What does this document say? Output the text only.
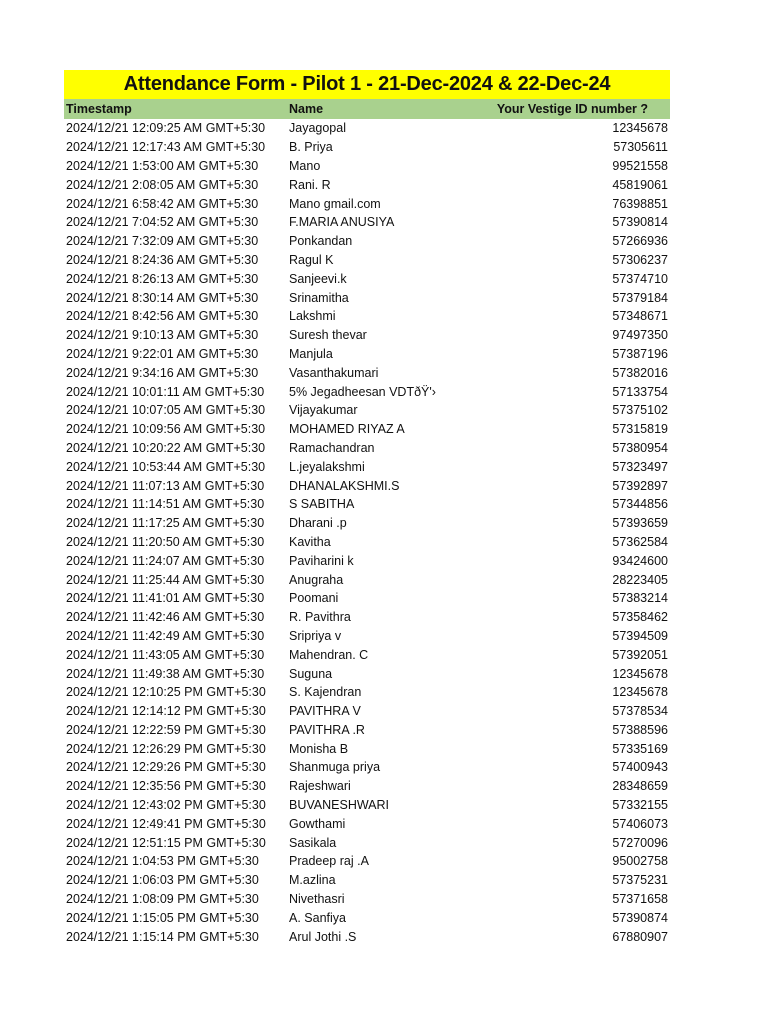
Attendance Form - Pilot 1 - 21-Dec-2024 & 22-Dec-24
Timestamp	Name	Your Vestige ID number ?
2024/12/21 12:09:25 AM GMT+5:30	Jayagopal	12345678
2024/12/21 12:17:43 AM GMT+5:30	B. Priya	57305611
2024/12/21 1:53:00 AM GMT+5:30	Mano	99521558
2024/12/21 2:08:05 AM GMT+5:30	Rani. R	45819061
2024/12/21 6:58:42 AM GMT+5:30	Mano gmail.com	76398851
2024/12/21 7:04:52 AM GMT+5:30	F.MARIA ANUSIYA	57390814
2024/12/21 7:32:09 AM GMT+5:30	Ponkandan	57266936
2024/12/21 8:24:36 AM GMT+5:30	Ragul K	57306237
2024/12/21 8:26:13 AM GMT+5:30	Sanjeevi.k	57374710
2024/12/21 8:30:14 AM GMT+5:30	Srinamitha	57379184
2024/12/21 8:42:56 AM GMT+5:30	Lakshmi	57348671
2024/12/21 9:10:13 AM GMT+5:30	Suresh thevar	97497350
2024/12/21 9:22:01 AM GMT+5:30	Manjula	57387196
2024/12/21 9:34:16 AM GMT+5:30	Vasanthakumari	57382016
2024/12/21 10:01:11 AM GMT+5:30	5% Jegadheesan VDTðŸ'›	57133754
2024/12/21 10:07:05 AM GMT+5:30	Vijayakumar	57375102
2024/12/21 10:09:56 AM GMT+5:30	MOHAMED RIYAZ A	57315819
2024/12/21 10:20:22 AM GMT+5:30	Ramachandran	57380954
2024/12/21 10:53:44 AM GMT+5:30	L.jeyalakshmi	57323497
2024/12/21 11:07:13 AM GMT+5:30	DHANALAKSHMI.S	57392897
2024/12/21 11:14:51 AM GMT+5:30	S SABITHA	57344856
2024/12/21 11:17:25 AM GMT+5:30	Dharani .p	57393659
2024/12/21 11:20:50 AM GMT+5:30	Kavitha	57362584
2024/12/21 11:24:07 AM GMT+5:30	Paviharini k	93424600
2024/12/21 11:25:44 AM GMT+5:30	Anugraha	28223405
2024/12/21 11:41:01 AM GMT+5:30	Poomani	57383214
2024/12/21 11:42:46 AM GMT+5:30	R. Pavithra	57358462
2024/12/21 11:42:49 AM GMT+5:30	Sripriya v	57394509
2024/12/21 11:43:05 AM GMT+5:30	Mahendran. C	57392051
2024/12/21 11:49:38 AM GMT+5:30	Suguna	12345678
2024/12/21 12:10:25 PM GMT+5:30	S. Kajendran	12345678
2024/12/21 12:14:12 PM GMT+5:30	PAVITHRA V	57378534
2024/12/21 12:22:59 PM GMT+5:30	PAVITHRA .R	57388596
2024/12/21 12:26:29 PM GMT+5:30	Monisha B	57335169
2024/12/21 12:29:26 PM GMT+5:30	Shanmuga priya	57400943
2024/12/21 12:35:56 PM GMT+5:30	Rajeshwari	28348659
2024/12/21 12:43:02 PM GMT+5:30	BUVANESHWARI	57332155
2024/12/21 12:49:41 PM GMT+5:30	Gowthami	57406073
2024/12/21 12:51:15 PM GMT+5:30	Sasikala	57270096
2024/12/21 1:04:53 PM GMT+5:30	Pradeep raj .A	95002758
2024/12/21 1:06:03 PM GMT+5:30	M.azlina	57375231
2024/12/21 1:08:09 PM GMT+5:30	Nivethasri	57371658
2024/12/21 1:15:05 PM GMT+5:30	A. Sanfiya	57390874
2024/12/21 1:15:14 PM GMT+5:30	Arul Jothi .S	67880907
